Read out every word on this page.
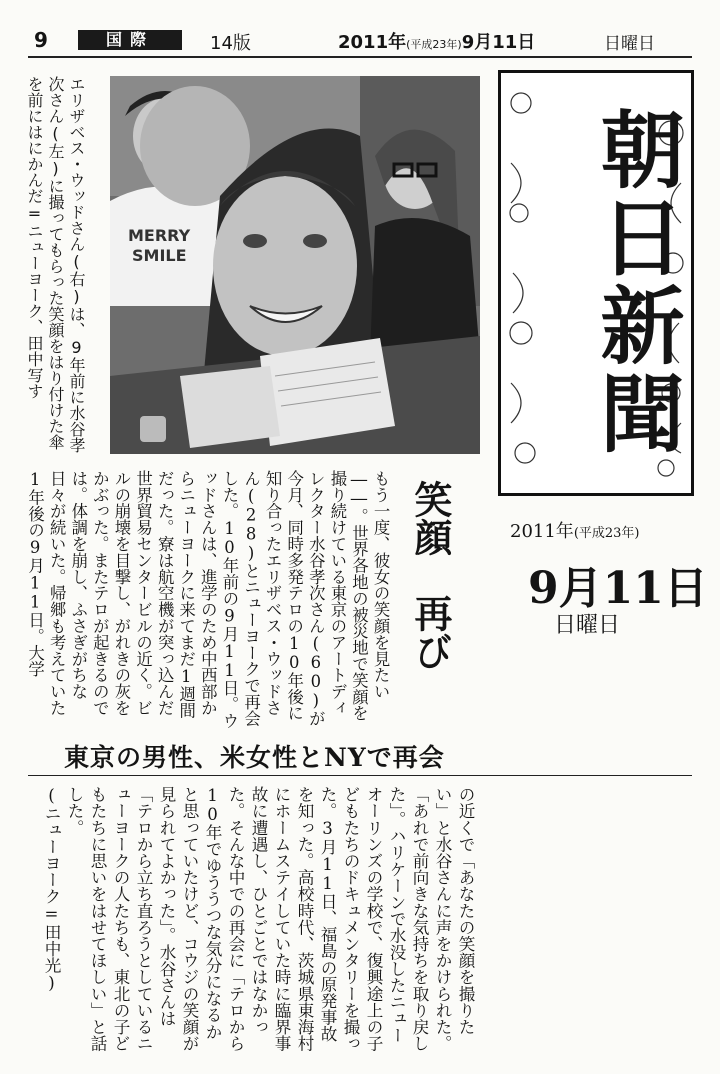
9	国際	14版	2011年(平成23年)9月11日	日曜日
MERRY
SMILE
エリザベス・ウッドさん(右)は、9年前に水谷孝次さん(左)に撮ってもらった笑顔をはり付けた傘を前にはにかんだ=ニューヨーク、田中写す	朝日新聞
2011年(平成23年)
9月11日
日曜日
笑顔　再び
もう一度、彼女の笑顔を見たい――。世界各地の被災地で笑顔を撮り続けている東京のアートディレクター水谷孝次さん(60)が今月、同時多発テロの10年後に知り合ったエリザベス・ウッドさん(28)とニューヨークで再会した。10年前の9月11日。ウッドさんは、進学のため中西部からニューヨークに来てまだ1週間だった。寮は航空機が突っ込んだ世界貿易センタービルの近く。ビルの崩壊を目撃し、がれきの灰をかぶった。またテロが起きるのでは。体調を崩し、ふさぎがちな日々が続いた。帰郷も考えていた1年後の9月11日。大学
東京の男性、米女性とNYで再会
の近くで「あなたの笑顔を撮りたい」と水谷さんに声をかけられた。「あれで前向きな気持ちを取り戻した」。ハリケーンで水没したニューオーリンズの学校で、復興途上の子どもたちのドキュメンタリーを撮った。3月11日、福島の原発事故を知った。高校時代、茨城県東海村にホームステイしていた時に臨界事故に遭遇し、ひとごとではなかった。そんな中での再会に「テロから10年でゆううつな気分になるかと思っていたけど、コウジの笑顔が見られてよかった」。水谷さんは「テロから立ち直ろうとしているニューヨークの人たちも、東北の子どもたちに思いをはせてほしい」と話した。
(ニューヨーク=田中光)
